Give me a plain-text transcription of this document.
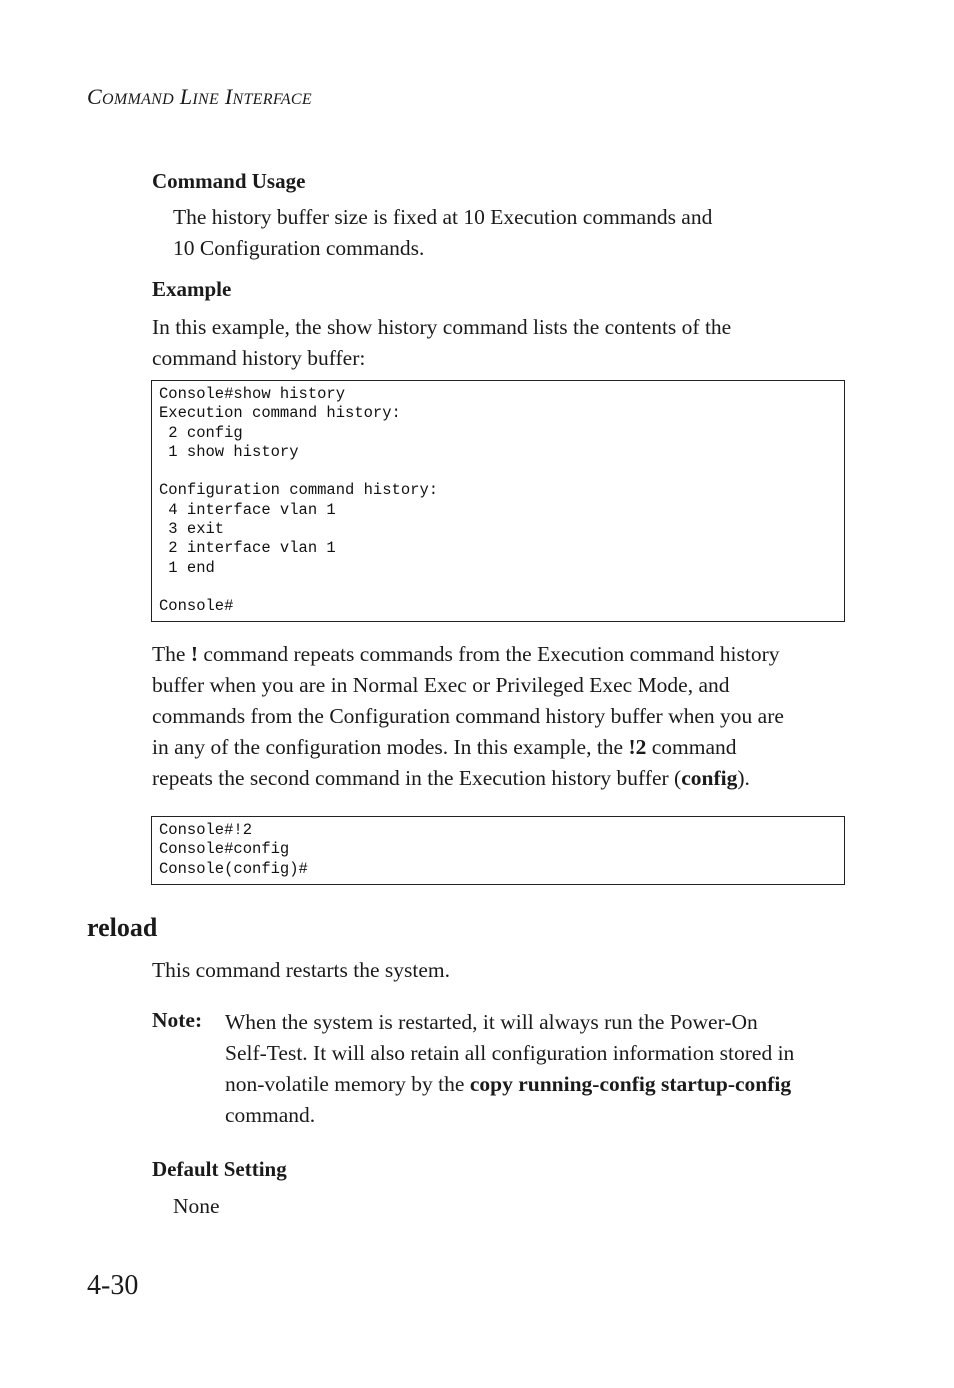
COMMAND LINE INTERFACE
Command Usage
The history buffer size is fixed at 10 Execution commands and
10 Configuration commands.
Example
In this example, the show history command lists the contents of the
command history buffer:
Console#show history
Execution command history:
2 config
1 show history

Configuration command history:
4 interface vlan 1
3 exit
2 interface vlan 1
1 end

Console#
The ! command repeats commands from the Execution command history
buffer when you are in Normal Exec or Privileged Exec Mode, and
commands from the Configuration command history buffer when you are
in any of the configuration modes. In this example, the !2 command
repeats the second command in the Execution history buffer (config).
Console#!2
Console#config
Console(config)#
reload
This command restarts the system.
Note: When the system is restarted, it will always run the Power-On
Self-Test. It will also retain all configuration information stored in
non-volatile memory by the copy running-config startup-config
command.
Default Setting
None
4-30
